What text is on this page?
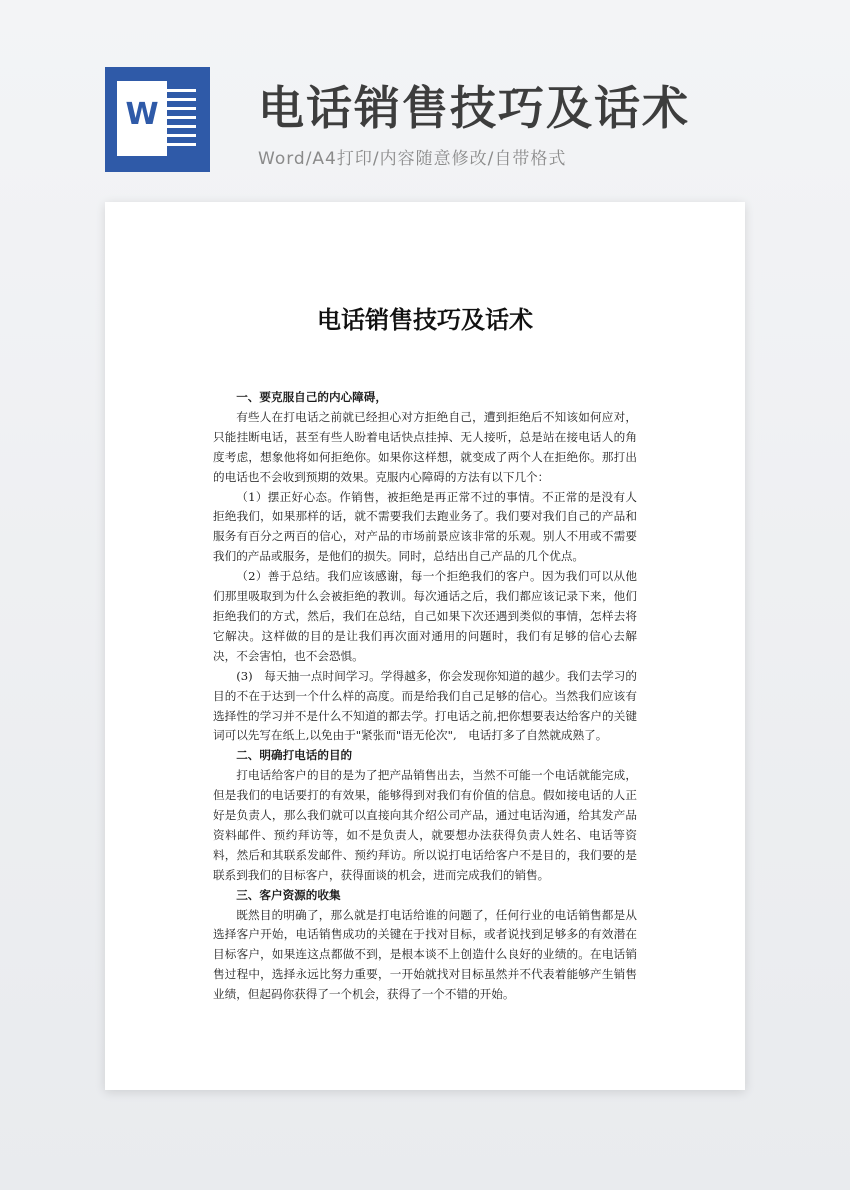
W 电话销售技巧及话术
Word/A4打印/内容随意修改/自带格式
电话销售技巧及话术
一、要克服自己的内心障碍，

有些人在打电话之前就已经担心对方拒绝自己，遭到拒绝后不知该如何应对，只能挂断电话，甚至有些人盼着电话快点挂掉、无人接听，总是站在接电话人的角度考虑，想象他将如何拒绝你。如果你这样想，就变成了两个人在拒绝你。那打出的电话也不会收到预期的效果。克服内心障碍的方法有以下几个：

（1）摆正好心态。作销售，被拒绝是再正常不过的事情。不正常的是没有人拒绝我们，如果那样的话，就不需要我们去跑业务了。我们要对我们自己的产品和服务有百分之两百的信心，对产品的市场前景应该非常的乐观。别人不用或不需要我们的产品或服务，是他们的损失。同时，总结出自己产品的几个优点。

（2）善于总结。我们应该感谢，每一个拒绝我们的客户。因为我们可以从他们那里吸取到为什么会被拒绝的教训。每次通话之后，我们都应该记录下来，他们拒绝我们的方式，然后，我们在总结，自己如果下次还遇到类似的事情，怎样去将它解决。这样做的目的是让我们再次面对通用的问题时，我们有足够的信心去解决，不会害怕，也不会恐惧。

(3)　每天抽一点时间学习。学得越多，你会发现你知道的越少。我们去学习的目的不在于达到一个什么样的高度。而是给我们自己足够的信心。当然我们应该有选择性的学习并不是什么不知道的都去学。打电话之前,把你想要表达给客户的关键词可以先写在纸上,以免由于"紧张而"语无伦次",　电话打多了自然就成熟了。

二、明确打电话的目的

打电话给客户的目的是为了把产品销售出去，当然不可能一个电话就能完成，但是我们的电话要打的有效果，能够得到对我们有价值的信息。假如接电话的人正好是负责人，那么我们就可以直接向其介绍公司产品，通过电话沟通，给其发产品资料邮件、预约拜访等，如不是负责人，就要想办法获得负责人姓名、电话等资料，然后和其联系发邮件、预约拜访。所以说打电话给客户不是目的，我们要的是联系到我们的目标客户，获得面谈的机会，进而完成我们的销售。

三、客户资源的收集

既然目的明确了，那么就是打电话给谁的问题了，任何行业的电话销售都是从选择客户开始，电话销售成功的关键在于找对目标，或者说找到足够多的有效潜在目标客户，如果连这点都做不到，是根本谈不上创造什么良好的业绩的。在电话销售过程中，选择永远比努力重要，一开始就找对目标虽然并不代表着能够产生销售业绩，但起码你获得了一个机会，获得了一个不错的开始。
